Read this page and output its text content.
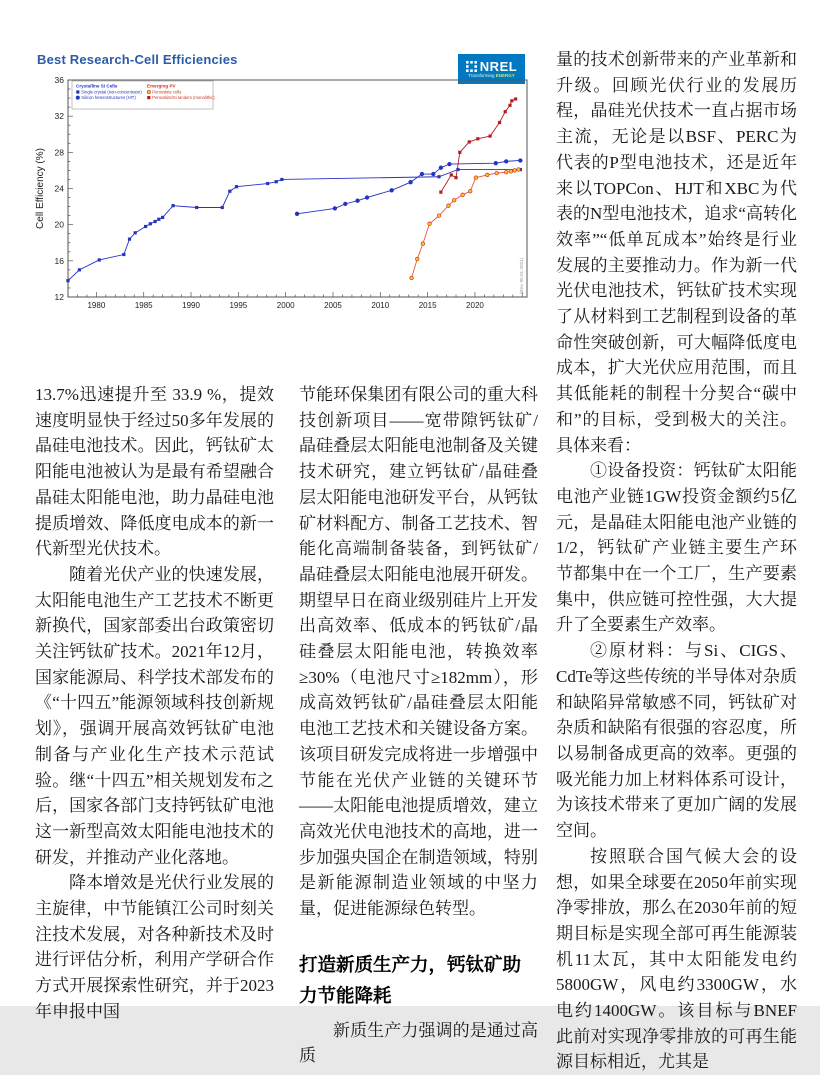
Best Research-Cell Efficiencies	NREL
Transforming ENERGY
1980	1985	1990	1995	2000	2005	2010	2015	2020
12
16
20
24
28
32
36
Cell Efficiency (%)
(Rev. 05-01-2024)
Crystalline Si Cells
Single crystal (non-concentrator)
Silicon heterostructures (HIT)
Emerging PV
Perovskite cells
Perovskite/Si tandem (monolithic)

13.7%迅速提升至 33.9 %，提效速度明显快于经过50多年发展的晶硅电池技术。因此，钙钛矿太阳能电池被认为是最有希望融合晶硅太阳能电池，助力晶硅电池提质增效、降低度电成本的新一代新型光伏技术。

随着光伏产业的快速发展，太阳能电池生产工艺技术不断更新换代，国家部委出台政策密切关注钙钛矿技术。2021年12月，国家能源局、科学技术部发布的《“十四五”能源领域科技创新规划》，强调开展高效钙钛矿电池制备与产业化生产技术示范试验。继“十四五”相关规划发布之后，国家各部门支持钙钛矿电池这一新型高效太阳能电池技术的研发，并推动产业化落地。

降本增效是光伏行业发展的主旋律，中节能镇江公司时刻关注技术发展，对各种新技术及时进行评估分析，利用产学研合作方式开展探索性研究，并于2023年申报中国

节能环保集团有限公司的重大科技创新项目——宽带隙钙钛矿/晶硅叠层太阳能电池制备及关键技术研究，建立钙钛矿/晶硅叠层太阳能电池研发平台，从钙钛矿材料配方、制备工艺技术、智能化高端制备装备，到钙钛矿/晶硅叠层太阳能电池展开研发。期望早日在商业级别硅片上开发出高效率、低成本的钙钛矿/晶硅叠层太阳能电池，转换效率≥30%（电池尺寸≥182mm），形成高效钙钛矿/晶硅叠层太阳能电池工艺技术和关键设备方案。该项目研发完成将进一步增强中节能在光伏产业链的关键环节——太阳能电池提质增效，建立高效光伏电池技术的高地，进一步加强央国企在制造领域，特别是新能源制造业领域的中坚力量，促进能源绿色转型。

打造新质生产力，钙钛矿助力节能降耗

新质生产力强调的是通过高质

量的技术创新带来的产业革新和升级。回顾光伏行业的发展历程，晶硅光伏技术一直占据市场主流，无论是以BSF、PERC为代表的P型电池技术，还是近年来以TOPCon、HJT和XBC为代表的N型电池技术，追求“高转化效率”“低单瓦成本”始终是行业发展的主要推动力。作为新一代光伏电池技术，钙钛矿技术实现了从材料到工艺制程到设备的革命性突破创新，可大幅降低度电成本，扩大光伏应用范围，而且其低能耗的制程十分契合“碳中和”的目标，受到极大的关注。具体来看：

①设备投资：钙钛矿太阳能电池产业链1GW投资金额约5亿元，是晶硅太阳能电池产业链的1/2，钙钛矿产业链主要生产环节都集中在一个工厂，生产要素集中，供应链可控性强，大大提升了全要素生产效率。

②原材料：与Si、CIGS、CdTe等这些传统的半导体对杂质和缺陷异常敏感不同，钙钛矿对杂质和缺陷有很强的容忍度，所以易制备成更高的效率。更强的吸光能力加上材料体系可设计，为该技术带来了更加广阔的发展空间。

按照联合国气候大会的设想，如果全球要在2050年前实现净零排放，那么在2030年前的短期目标是实现全部可再生能源装机11太瓦，其中太阳能发电约5800GW，风电约3300GW，水电约1400GW。该目标与BNEF此前对实现净零排放的可再生能源目标相近，尤其是
